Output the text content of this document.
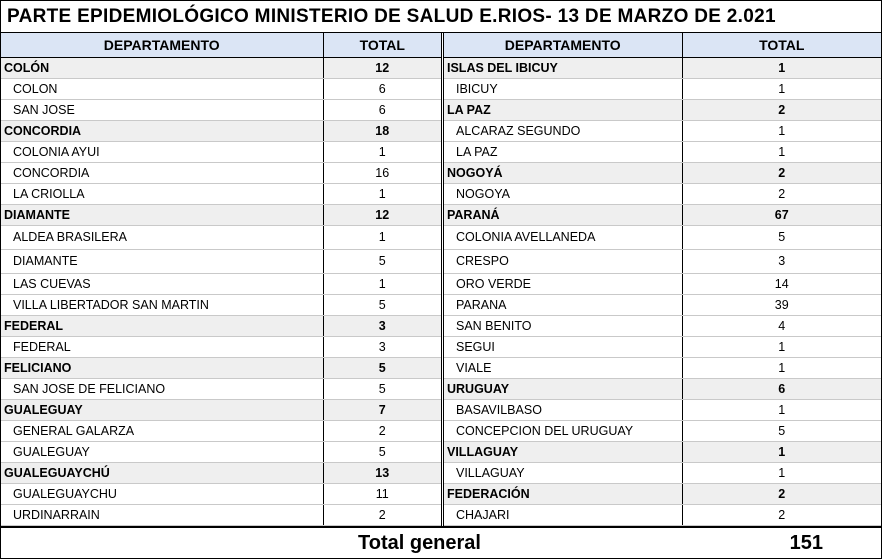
PARTE EPIDEMIOLÓGICO MINISTERIO DE SALUD E.RIOS- 13 DE MARZO DE 2.021
DEPARTAMENTO	TOTAL
COLÓN	12
COLON	6
SAN JOSE	6
CONCORDIA	18
COLONIA AYUI	1
CONCORDIA	16
LA CRIOLLA	1
DIAMANTE	12
ALDEA BRASILERA	1
DIAMANTE	5
LAS CUEVAS	1
VILLA LIBERTADOR SAN MARTIN	5
FEDERAL	3
FEDERAL	3
FELICIANO	5
SAN JOSE DE FELICIANO	5
GUALEGUAY	7
GENERAL GALARZA	2
GUALEGUAY	5
GUALEGUAYCHÚ	13
GUALEGUAYCHU	11
URDINARRAIN	2
DEPARTAMENTO	TOTAL
ISLAS DEL IBICUY	1
IBICUY	1
LA PAZ	2
ALCARAZ SEGUNDO	1
LA PAZ	1
NOGOYÁ	2
NOGOYA	2
PARANÁ	67
COLONIA AVELLANEDA	5
CRESPO	3
ORO VERDE	14
PARANA	39
SAN BENITO	4
SEGUI	1
VIALE	1
URUGUAY	6
BASAVILBASO	1
CONCEPCION DEL URUGUAY	5
VILLAGUAY	1
VILLAGUAY	1
FEDERACIÓN	2
CHAJARI	2
Total general	151
